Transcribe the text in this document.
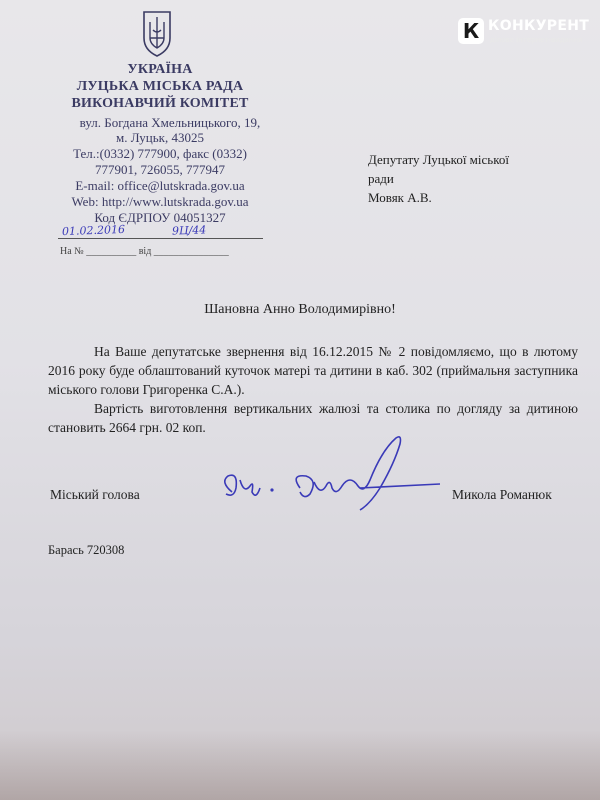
УКРАЇНА
ЛУЦЬКА МІСЬКА РАДА
ВИКОНАВЧИЙ КОМІТЕТ
вул. Богдана Хмельницького, 19,
м. Луцьк, 43025
Тел.:(0332) 777900, факс (0332)
777901, 726055, 777947
E-mail: office@lutskrada.gov.ua
Web: http://www.lutskrada.gov.ua
Код ЄДРПОУ 04051327
01.02.2016	9Ц/44
На № __________ від _______________
К КОНКУРЕНТ
ділове інтернет-видання
Депутату Луцької міської
ради
Мовяк А.В.
Шановна Анно Володимирівно!

На Ваше депутатське звернення від 16.12.2015 № 2 повідомляємо, що в лютому 2016 року буде облаштований куточок матері та дитини в каб. 302 (приймальня заступника міського голови Григоренка С.А.).

Вартість виготовлення вертикальних жалюзі та столика по догляду за дитиною становить 2664 грн. 02 коп.

Міський голова	Микола Романюк
Барась 720308
